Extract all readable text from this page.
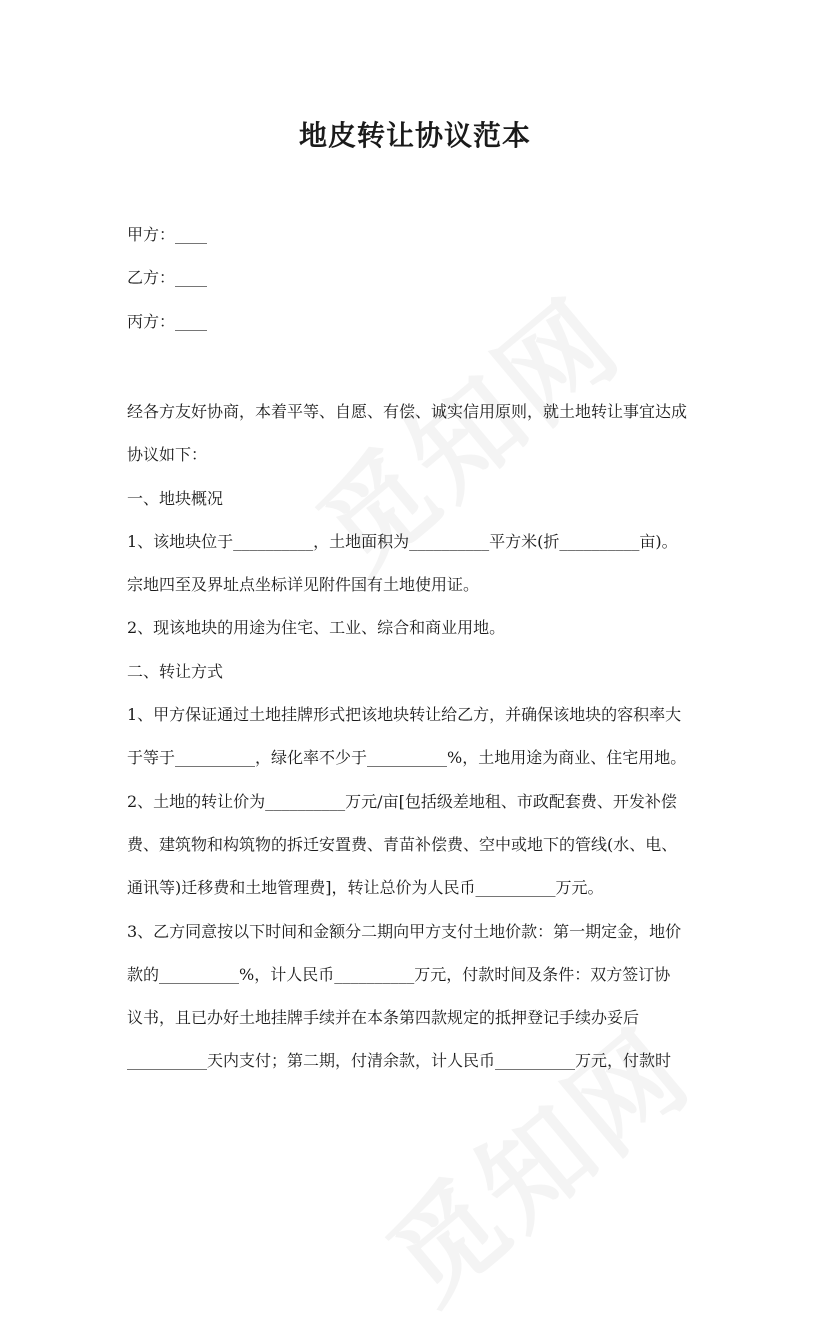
地皮转让协议范本
甲方：____
乙方：____
丙方：____
经各方友好协商，本着平等、自愿、有偿、诚实信用原则，就土地转让事宜达成
协议如下：
一、地块概况
1、该地块位于__________，土地面积为__________平方米(折__________亩)。
宗地四至及界址点坐标详见附件国有土地使用证。
2、现该地块的用途为住宅、工业、综合和商业用地。
二、转让方式
1、甲方保证通过土地挂牌形式把该地块转让给乙方，并确保该地块的容积率大
于等于__________，绿化率不少于__________%，土地用途为商业、住宅用地。
2、土地的转让价为__________万元/亩[包括级差地租、市政配套费、开发补偿
费、建筑物和构筑物的拆迁安置费、青苗补偿费、空中或地下的管线(水、电、
通讯等)迁移费和土地管理费]，转让总价为人民币__________万元。
3、乙方同意按以下时间和金额分二期向甲方支付土地价款：第一期定金，地价
款的__________%，计人民币__________万元，付款时间及条件：双方签订协
议书，且已办好土地挂牌手续并在本条第四款规定的抵押登记手续办妥后
__________天内支付；第二期，付清余款，计人民币__________万元，付款时
